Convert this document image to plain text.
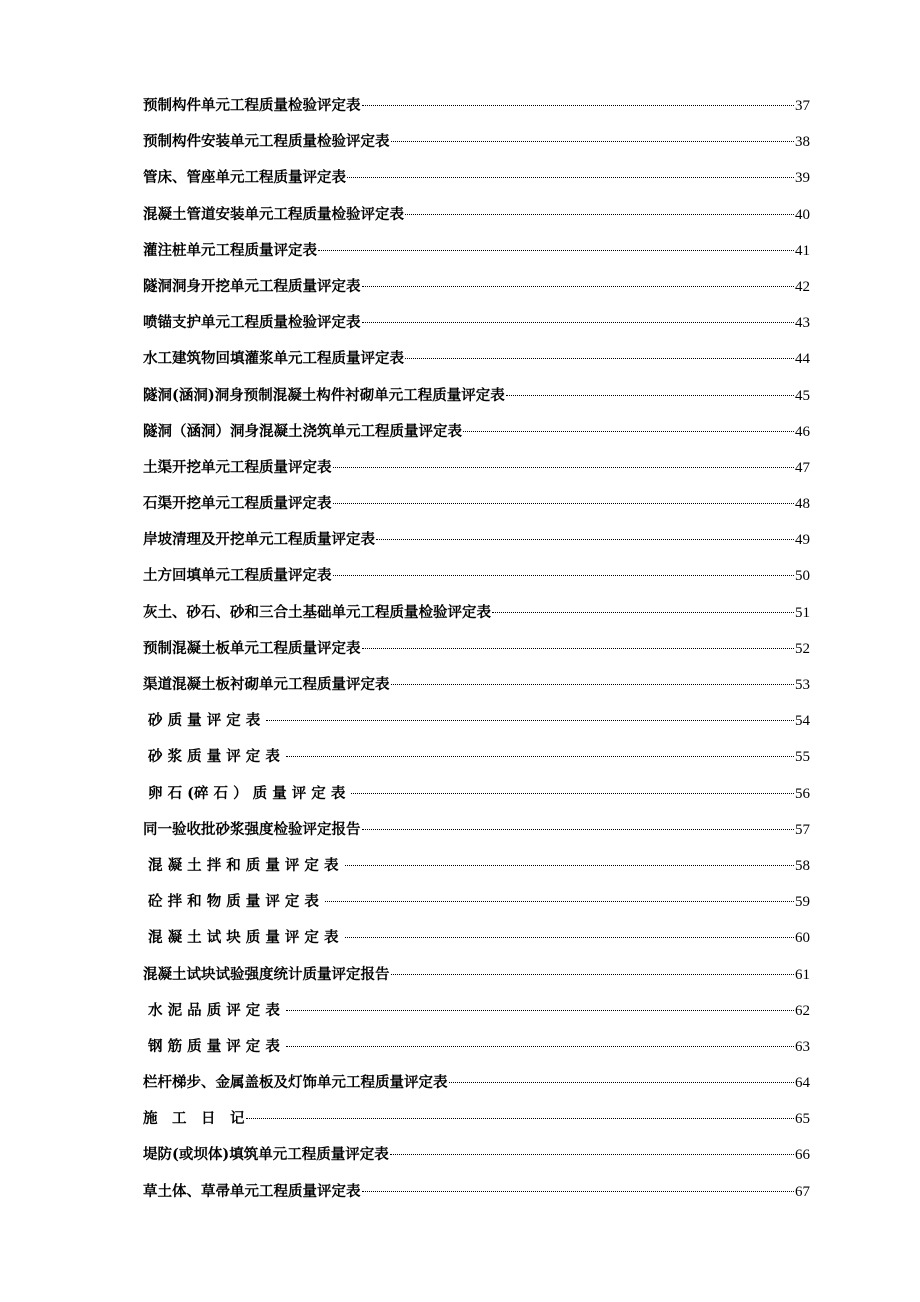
预制构件单元工程质量检验评定表	37
预制构件安装单元工程质量检验评定表	38
管床、管座单元工程质量评定表	39
混凝土管道安装单元工程质量检验评定表	40
灌注桩单元工程质量评定表	41
隧洞洞身开挖单元工程质量评定表	42
喷锚支护单元工程质量检验评定表	43
水工建筑物回填灌浆单元工程质量评定表	44
隧洞(涵洞)洞身预制混凝土构件衬砌单元工程质量评定表	45
隧洞（涵洞）洞身混凝土浇筑单元工程质量评定表	46
土渠开挖单元工程质量评定表	47
石渠开挖单元工程质量评定表	48
岸坡清理及开挖单元工程质量评定表	49
土方回填单元工程质量评定表	50
灰土、砂石、砂和三合土基础单元工程质量检验评定表	51
预制混凝土板单元工程质量评定表	52
渠道混凝土板衬砌单元工程质量评定表	53
砂 质 量 评 定 表	54
砂 浆 质 量 评 定 表	55
卵 石 (碎 石 ） 质 量 评 定 表	56
同一验收批砂浆强度检验评定报告	57
混 凝 土 拌 和 质 量 评 定 表	58
砼 拌 和 物 质 量 评 定 表	59
混 凝 土 试 块 质 量 评 定 表	60
混凝土试块试验强度统计质量评定报告	61
水 泥 品 质 评 定 表	62
钢 筋 质 量 评 定 表	63
栏杆梯步、金属盖板及灯饰单元工程质量评定表	64
施　工　日　记	65
堤防(或坝体)填筑单元工程质量评定表	66
草土体、草帚单元工程质量评定表	67
